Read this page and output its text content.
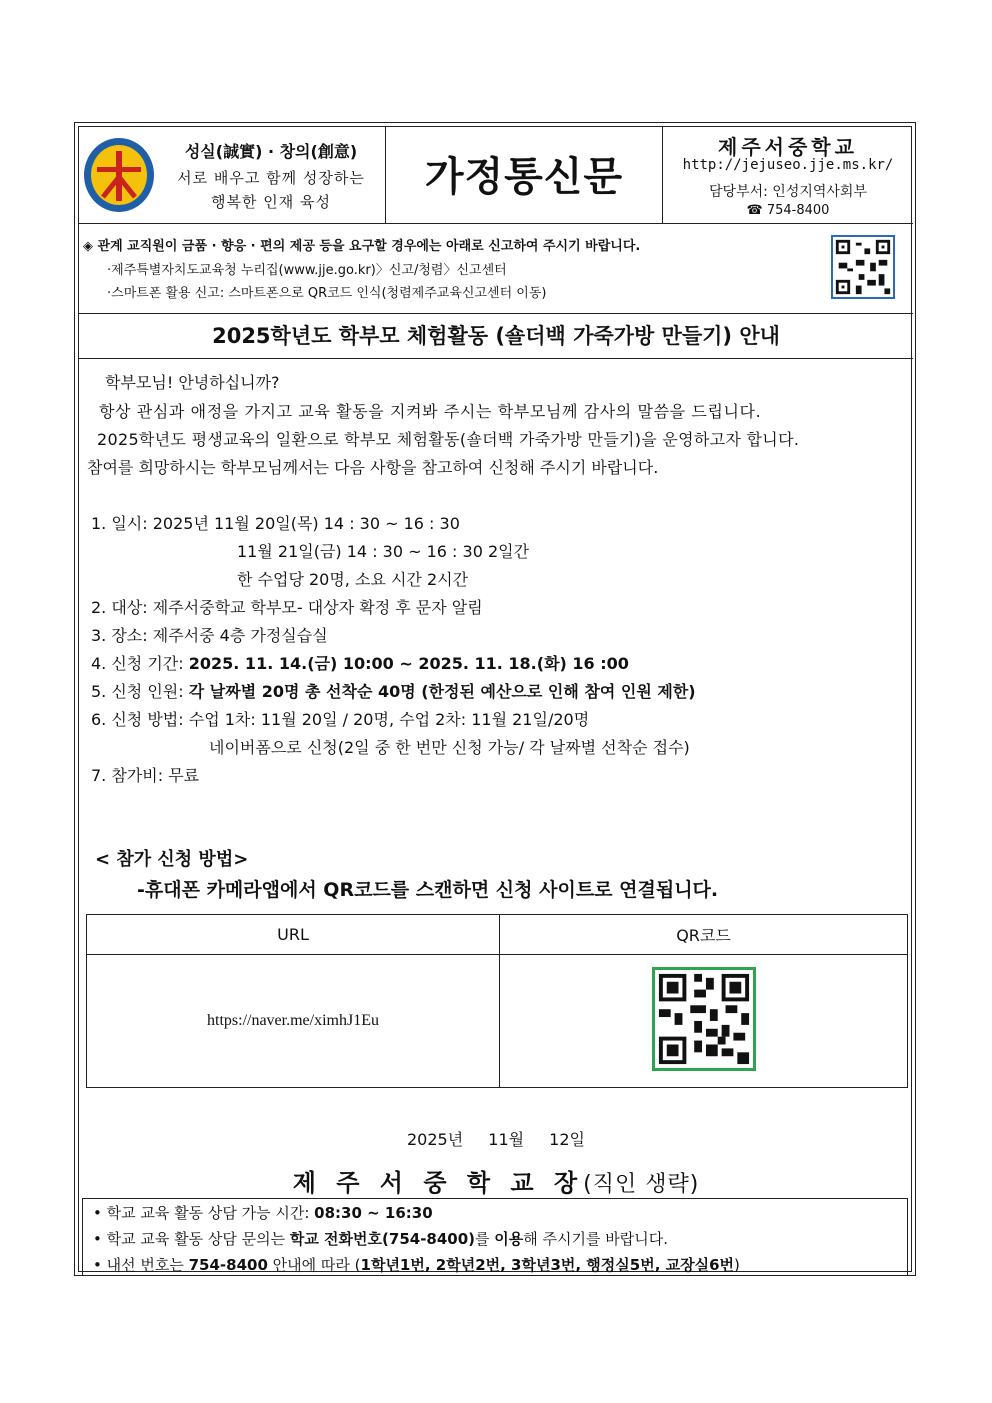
성실(誠實) · 창의(創意)
서로 배우고 함께 성장하는
행복한 인재 육성
가정통신문
제주서중학교
http://jejuseo.jje.ms.kr/
담당부서: 인성지역사회부
☎ 754-8400
◈ 관계 교직원이 금품 · 향응 · 편의 제공 등을 요구할 경우에는 아래로 신고하여 주시기 바랍니다.
·제주특별자치도교육청 누리집(www.jje.go.kr)〉신고/청렴〉신고센터
·스마트폰 활용 신고: 스마트폰으로 QR코드 인식(청렴제주교육신고센터 이동)
2025학년도 학부모 체험활동 (숄더백 가죽가방 만들기) 안내
학부모님! 안녕하십니까?
항상 관심과 애정을 가지고 교육 활동을 지켜봐 주시는 학부모님께 감사의 말씀을 드립니다.
2025학년도 평생교육의 일환으로 학부모 체험활동(숄더백 가죽가방 만들기)을 운영하고자 합니다.
참여를 희망하시는 학부모님께서는 다음 사항을 참고하여 신청해 주시기 바랍니다.
1. 일시: 2025년 11월 20일(목) 14 : 30 ~ 16 : 30
11월 21일(금) 14 : 30 ~ 16 : 30 2일간
한 수업당 20명, 소요 시간 2시간
2. 대상: 제주서중학교 학부모- 대상자 확정 후 문자 알림
3. 장소: 제주서중 4층 가정실습실
4. 신청 기간: 2025. 11. 14.(금) 10:00 ~ 2025. 11. 18.(화) 16 :00
5. 신청 인원: 각 날짜별 20명 총 선착순 40명 (한정된 예산으로 인해 참여 인원 제한)
6. 신청 방법: 수업 1차: 11월 20일 / 20명, 수업 2차: 11월 21일/20명
네이버폼으로 신청(2일 중 한 번만 신청 가능/ 각 날짜별 선착순 접수)
7. 참가비: 무료
< 참가 신청 방법>
-휴대폰 카메라앱에서 QR코드를 스캔하면 신청 사이트로 연결됩니다.
URL	QR코드
https://naver.me/ximhJ1Eu	
2025년 11월 12일
제 주 서 중 학 교 장(직인 생략)
• 학교 교육 활동 상담 가능 시간: 08:30 ~ 16:30
• 학교 교육 활동 상담 문의는 학교 전화번호(754-8400)를 이용해 주시기를 바랍니다.
• 내선 번호는 754-8400 안내에 따라 (1학년1번, 2학년2번, 3학년3번, 행정실5번, 교장실6번)
